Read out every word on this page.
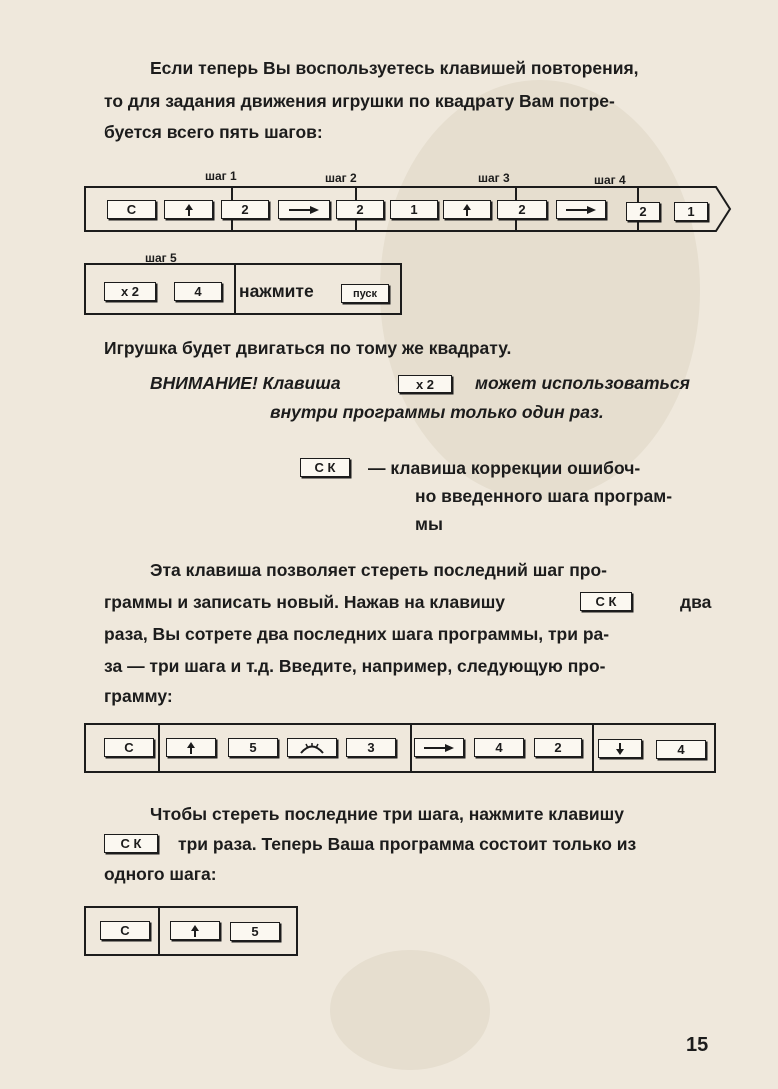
Если теперь Вы воспользуетесь клавишей повторения,
то для задания движения игрушки по квадрату Вам потре-
буется всего пять шагов:
шаг 1	шаг 2	шаг 3	шаг 4
С	2	2	1	2	2	1
шаг 5
х 2	4	нажмите	пуск
Игрушка будет двигаться по тому же квадрату.
ВНИМАНИЕ! Клавиша	х 2	может использоваться
внутри программы только один раз.
С К	— клавиша коррекции ошибоч-
но введенного шага програм-
мы
Эта клавиша позволяет стереть последний шаг про-
граммы и записать новый. Нажав на клавишу	С К	два
раза, Вы сотрете два последних шага программы, три ра-
за — три шага и т.д. Введите, например, следующую про-
грамму:
С	5	3	4	2	4
Чтобы стереть последние три шага, нажмите клавишу
С К	три раза. Теперь Ваша программа состоит только из
одного шага:
С	5
15
